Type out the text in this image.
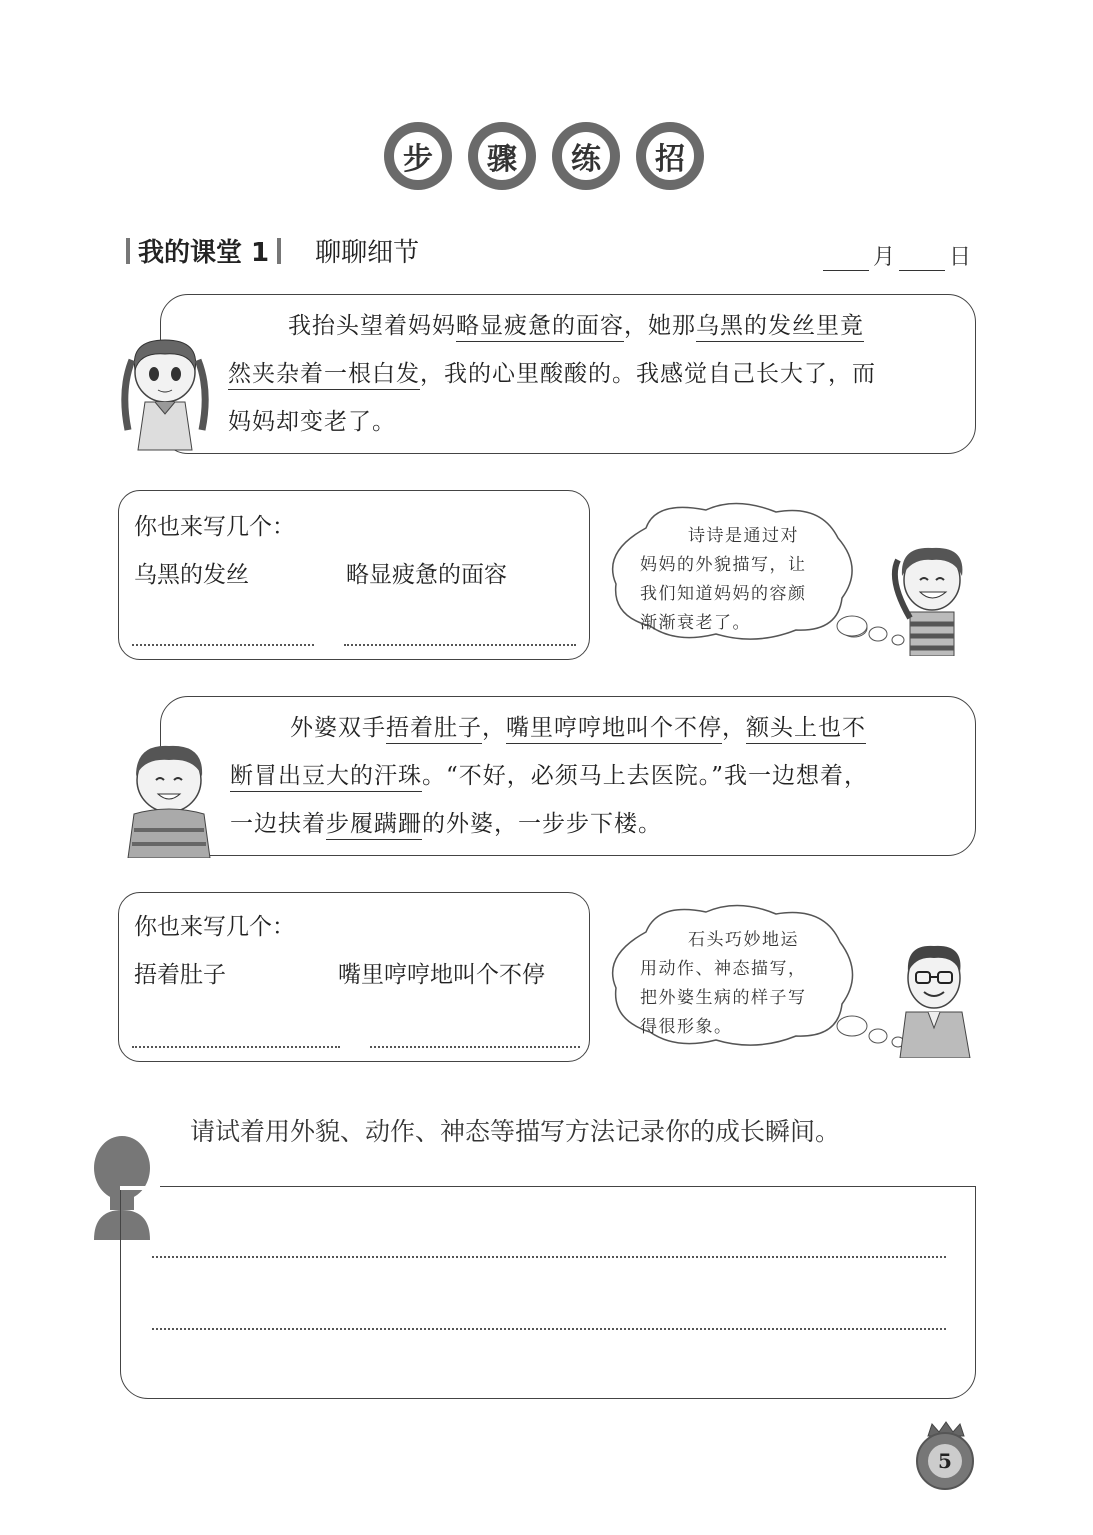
步	骤	练	招
我的课堂 1 聊聊细节	月 日
我抬头望着妈妈略显疲惫的面容，她那乌黑的发丝里竟
然夹杂着一根白发，我的心里酸酸的。我感觉自己长大了，而
妈妈却变老了。
你也来写几个：
乌黑的发丝	略显疲惫的面容
诗诗是通过对
妈妈的外貌描写，让
我们知道妈妈的容颜
渐渐衰老了。
外婆双手捂着肚子，嘴里哼哼地叫个不停，额头上也不
断冒出豆大的汗珠。“不好，必须马上去医院。”我一边想着，
一边扶着步履蹒跚的外婆，一步步下楼。
你也来写几个：
捂着肚子	嘴里哼哼地叫个不停
石头巧妙地运
用动作、神态描写，
把外婆生病的样子写
得很形象。
请试着用外貌、动作、神态等描写方法记录你的成长瞬间。
5
